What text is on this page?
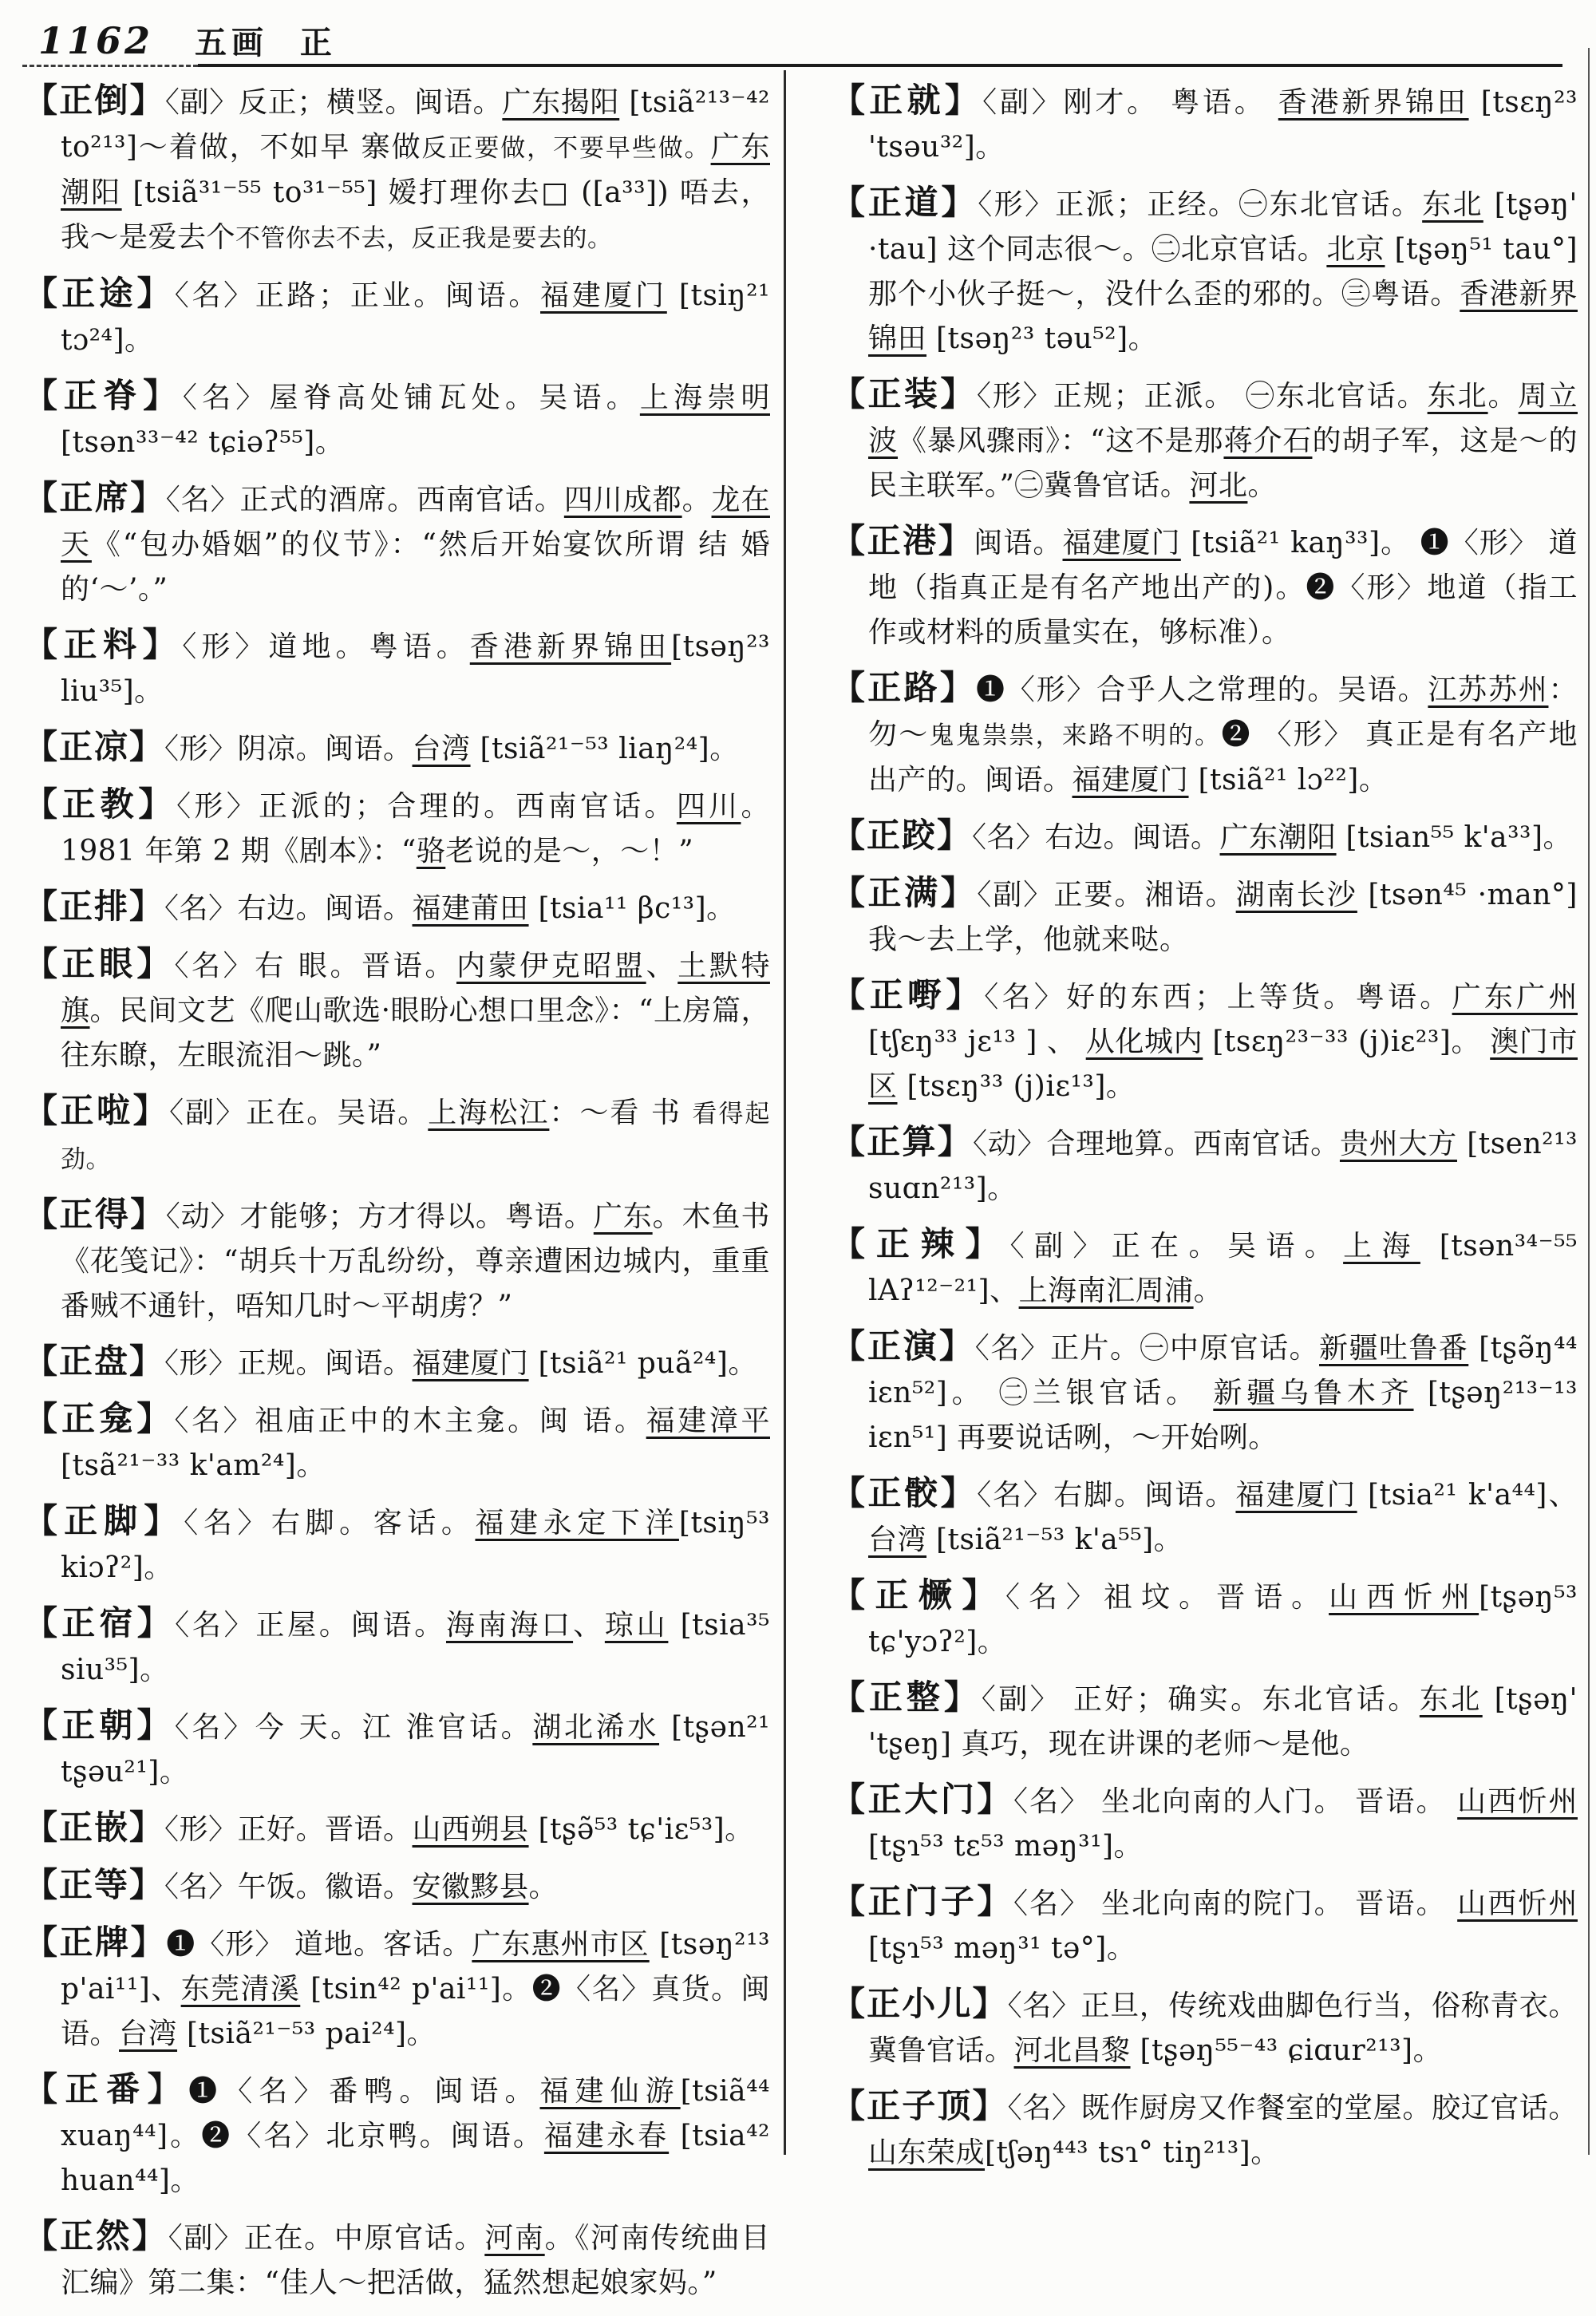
1162 五画 正
【正倒】〈副〉反正；横竖。闽语。广东揭阳 [tsiã²¹³⁻⁴² to²¹³]～着做，不如早 寨做反正要做，不要早些做。广东潮阳 [tsiã³¹⁻⁵⁵ to³¹⁻⁵⁵] 嫒打理你去□ ([a³³]) 唔去，我～是爱去个不管你去不去，反正我是要去的。
【正途】〈名〉正路；正业。闽语。福建厦门 [tsiŋ²¹ tɔ²⁴]。
【正脊】〈名〉屋脊高处铺瓦处。吴语。上海崇明 [tsən³³⁻⁴² tɕiəʔ⁵⁵]。
【正席】〈名〉正式的酒席。西南官话。四川成都。龙在天《“包办婚姻”的仪节》：“然后开始宴饮所谓 结 婚 的‘～’。”
【正料】〈形〉道地。粤语。香港新界锦田[tsəŋ²³ liu³⁵]。
【正凉】〈形〉阴凉。闽语。台湾 [tsiã²¹⁻⁵³ liaŋ²⁴]。
【正教】〈形〉正派的；合理的。西南官话。四川。1981 年第 2 期《剧本》：“骆老说的是～，～！”
【正排】〈名〉右边。闽语。福建莆田 [tsia¹¹ βc¹³]。
【正眼】〈名〉右 眼。晋语。内蒙伊克昭盟、土默特旗。民间文艺《爬山歌选·眼盼心想口里念》：“上房篇，往东瞭，左眼流泪～跳。”
【正啦】〈副〉正在。吴语。上海松江：～看 书 看得起劲。
【正得】〈动〉才能够；方才得以。粤语。广东。木鱼书《花笺记》：“胡兵十万乱纷纷，尊亲遭困边城内，重重番贼不通针，唔知几时～平胡虏？”
【正盘】〈形〉正规。闽语。福建厦门 [tsiã²¹ puã²⁴]。
【正龛】〈名〉祖庙正中的木主龛。闽 语。福建漳平 [tsã²¹⁻³³ k'am²⁴]。
【正脚】〈名〉右脚。客话。福建永定下洋[tsiŋ⁵³ kiɔʔ²]。
【正宿】〈名〉正屋。闽语。海南海口、琼山 [tsia³⁵ siu³⁵]。
【正朝】〈名〉今 天。江 淮官话。湖北浠水 [tʂən²¹ tʂəu²¹]。
【正嵌】〈形〉正好。晋语。山西朔县 [tʂə̃⁵³ tɕ'iɛ⁵³]。
【正等】〈名〉午饭。徽语。安徽黟县。
【正牌】❶〈形〉 道地。客话。广东惠州市区 [tsəŋ²¹³ p'ai¹¹]、东莞清溪 [tsin⁴² p'ai¹¹]。❷〈名〉真货。闽语。台湾 [tsiã²¹⁻⁵³ pai²⁴]。
【正番】❶〈名〉番鸭。闽语。福建仙游[tsiã⁴⁴ xuaŋ⁴⁴]。❷〈名〉北京鸭。闽语。福建永春 [tsia⁴² huan⁴⁴]。
【正然】〈副〉正在。中原官话。河南。《河南传统曲目汇编》第二集：“佳人～把活做，猛然想起娘家妈。”
【正就】〈副〉刚才。 粤语。 香港新界锦田 [tsɛŋ²³ 'tsəu³²]。
【正道】〈形〉正派；正经。㊀东北官话。东北 [tʂəŋ' ·tau] 这个同志很～。㊁北京官话。北京 [tʂəŋ⁵¹ tau°] 那个小伙子挺～，没什么歪的邪的。㊂粤语。香港新界锦田 [tsəŋ²³ təu⁵²]。
【正装】〈形〉正规；正派。 ㊀东北官话。东北。周立波《暴风骤雨》：“这不是那蒋介石的胡子军，这是～的民主联军。”㊁冀鲁官话。河北。
【正港】闽语。福建厦门 [tsiã²¹ kaŋ³³]。 ❶〈形〉 道地（指真正是有名产地出产的)。❷〈形〉地道（指工作或材料的质量实在，够标准）。
【正路】❶〈形〉合乎人之常理的。吴语。江苏苏州：勿～鬼鬼祟祟，来路不明的。❷ 〈形〉 真正是有名产地 出产的。闽语。福建厦门 [tsiã²¹ lɔ²²]。
【正跤】〈名〉右边。闽语。广东潮阳 [tsian⁵⁵ k'a³³]。
【正满】〈副〉正要。湘语。湖南长沙 [tsən⁴⁵ ·man°] 我～去上学，他就来哒。
【正嘢】〈名〉好的东西；上等货。粤语。广东广州[tʃɛŋ³³ jɛ¹³ ] 、 从化城内 [tsɛŋ²³⁻³³ (j)iɛ²³]。 澳门市区 [tsɛŋ³³ (j)iɛ¹³]。
【正算】〈动〉合理地算。西南官话。贵州大方 [tsen²¹³ suɑn²¹³]。
【正辣】〈副〉正在。吴语。上海 [tsən³⁴⁻⁵⁵ lAʔ¹²⁻²¹]、上海南汇周浦。
【正演】〈名〉正片。㊀中原官话。新疆吐鲁番 [tʂə̃ŋ⁴⁴ iɛn⁵²]。 ㊁兰银官话。 新疆乌鲁木齐 [tʂəŋ²¹³⁻¹³ iɛn⁵¹] 再要说话咧，～开始咧。
【正骹】〈名〉右脚。闽语。福建厦门 [tsia²¹ k'a⁴⁴]、台湾 [tsiã²¹⁻⁵³ k'a⁵⁵]。
【正橛】〈名〉祖坟。晋语。山西忻州[tʂəŋ⁵³ tɕ'yɔʔ²]。
【正整】〈副〉 正好；确实。东北官话。东北 [tʂəŋ' 'tʂeŋ] 真巧，现在讲课的老师～是他。
【正大门】〈名〉 坐北向南的人门。 晋语。 山西忻州 [tʂɿ⁵³ tɛ⁵³ məŋ³¹]。
【正门子】〈名〉 坐北向南的院门。 晋语。 山西忻州 [tʂɿ⁵³ məŋ³¹ tə°]。
【正小儿】〈名〉正旦，传统戏曲脚色行当，俗称青衣。冀鲁官话。河北昌黎 [tʂəŋ⁵⁵⁻⁴³ ɕiɑur²¹³]。
【正子顶】〈名〉既作厨房又作餐室的堂屋。胶辽官话。山东荣成[tʃəŋ⁴⁴³ tsɿ° tiŋ²¹³]。
